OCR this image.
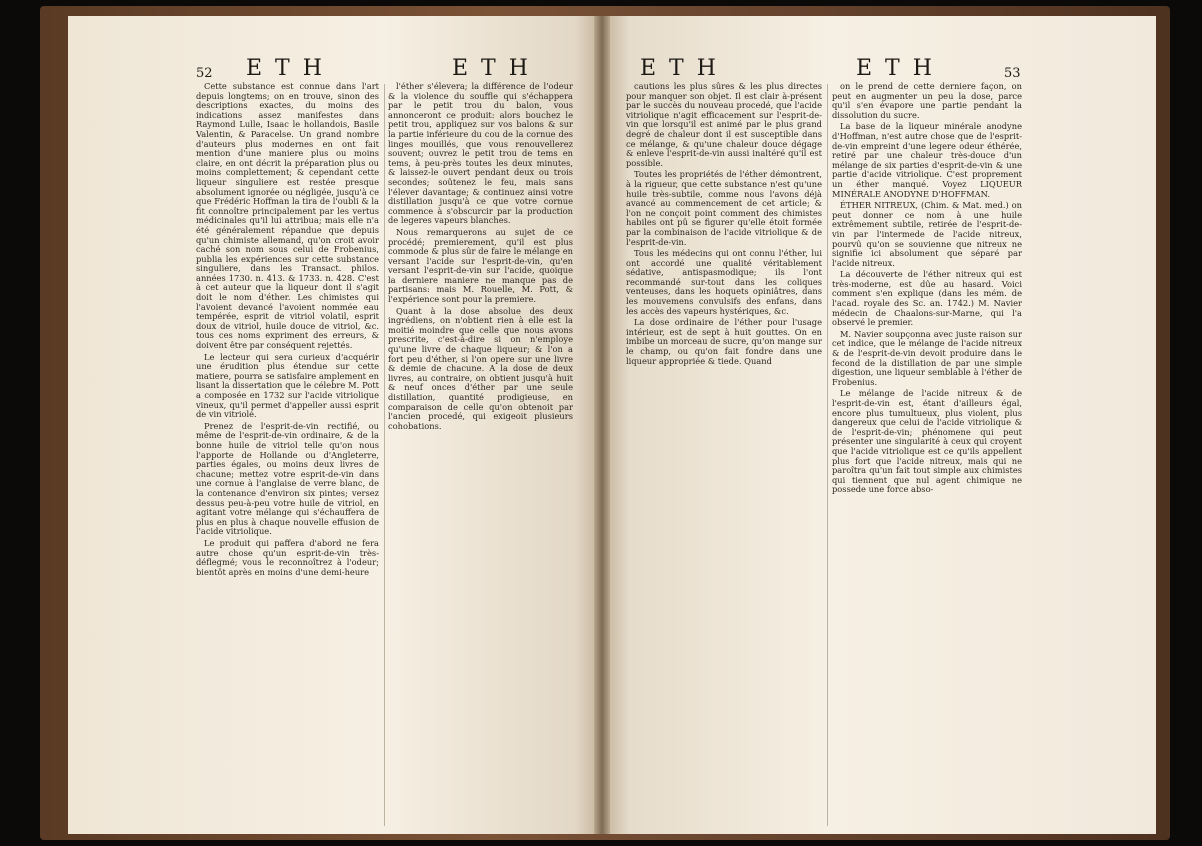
52 E T H	E T H

Cette substance est connue dans l'art depuis longtems; on en trouve, sinon des descriptions exactes, du moins des indications assez manifestes dans Raymond Lulle, Isaac le hollandois, Basile Valentin, & Paracelse. Un grand nombre d'auteurs plus modernes en ont fait mention d'une maniere plus ou moins claire, en ont décrit la préparation plus ou moins complettement; & cependant cette liqueur singuliere est restée presque absolument ignorée ou négligée, jusqu'à ce que Frédéric Hoffman la tira de l'oubli & la fit connoître principalement par les vertus médicinales qu'il lui attribua; mais elle n'a été généralement répandue que depuis qu'un chimiste allemand, qu'on croit avoir caché son nom sous celui de Frobenius, publia les expériences sur cette substance singuliere, dans les Transact. philos. années 1730. n. 413. & 1733. n. 428. C'est à cet auteur que la liqueur dont il s'agit doit le nom d'éther. Les chimistes qui l'avoient devancé l'avoient nommée eau tempérée, esprit de vitriol volatil, esprit doux de vitriol, huile douce de vitriol, &c. tous ces noms expriment des erreurs, & doivent être par conséquent rejettés.

Le lecteur qui sera curieux d'acquérir une érudition plus étendue sur cette matiere, pourra se satisfaire amplement en lisant la dissertation que le célebre M. Pott a composée en 1732 sur l'acide vitriolique vineux, qu'il permet d'appeller aussi esprit de vin vitriolé.

Prenez de l'esprit-de-vin rectifié, ou même de l'esprit-de-vin ordinaire, & de la bonne huile de vitriol telle qu'on nous l'apporte de Hollande ou d'Angleterre, parties égales, ou moins deux livres de chacune; mettez votre esprit-de-vin dans une cornue à l'anglaise de verre blanc, de la contenance d'environ six pintes; versez dessus peu-à-peu votre huile de vitriol, en agitant votre mélange qui s'échauffera de plus en plus à chaque nouvelle effusion de l'acide vitriolique.

Le produit qui paffera d'abord ne fera autre chose qu'un esprit-de-vin très-déflegmé; vous le reconnoîtrez à l'odeur; bientôt après en moins d'une demi-heure

l'éther s'élevera; la différence de l'odeur & la violence du souffle qui s'échappera par le petit trou du balon, vous annonceront ce produit: alors bouchez le petit trou, appliquez sur vos balons & sur la partie inférieure du cou de la cornue des linges mouillés, que vous renouvellerez souvent; ouvrez le petit trou de tems en tems, à peu-près toutes les deux minutes, & laissez-le ouvert pendant deux ou trois secondes; soûtenez le feu, mais sans l'élever davantage; & continuez ainsi votre distillation jusqu'à ce que votre cornue commence à s'obscurcir par la production de legeres vapeurs blanches.

Nous remarquerons au sujet de ce procédé; premierement, qu'il est plus commode & plus sûr de faire le mélange en versant l'acide sur l'esprit-de-vin, qu'en versant l'esprit-de-vin sur l'acide, quoique la derniere maniere ne manque pas de partisans: mais M. Rouelle, M. Pott, & l'expérience sont pour la premiere.

Quant à la dose absolue des deux ingrédiens, on n'obtient rien à elle est la moitié moindre que celle que nous avons prescrite, c'est-à-dire si on n'employe qu'une livre de chaque liqueur; & l'on a fort peu d'éther, si l'on opere sur une livre & demie de chacune. A la dose de deux livres, au contraire, on obtient jusqu'à huit & neuf onces d'éther par une seule distillation, quantité prodigieuse, en comparaison de celle qu'on obtenoit par l'ancien procedé, qui exigeoit plusieurs cohobations.

E T H	E T H	53

cautions les plus sûres & les plus directes pour manquer son objet. Il est clair à-présent par le succès du nouveau procedé, que l'acide vitriolique n'agit efficacement sur l'esprit-de-vin que lorsqu'il est animé par le plus grand degré de chaleur dont il est susceptible dans ce mélange, & qu'une chaleur douce dégage & enleve l'esprit-de-vin aussi inaltéré qu'il est possible.

Toutes les propriétés de l'éther démontrent, à la rigueur, que cette substance n'est qu'une huile très-subtile, comme nous l'avons déjà avancé au commencement de cet article; & l'on ne conçoit point comment des chimistes habiles ont pû se figurer qu'elle étoit formée par la combinaison de l'acide vitriolique & de l'esprit-de-vin.

Tous les médecins qui ont connu l'éther, lui ont accordé une qualité véritablement sédative, antispasmodique; ils l'ont recommandé sur-tout dans les coliques venteuses, dans les hoquets opiniâtres, dans les mouvemens convulsifs des enfans, dans les accès des vapeurs hystériques, &c.

La dose ordinaire de l'éther pour l'usage intérieur, est de sept à huit gouttes. On en imbibe un morceau de sucre, qu'on mange sur le champ, ou qu'on fait fondre dans une liqueur appropriée & tiede. Quand

on le prend de cette derniere façon, on peut en augmenter un peu la dose, parce qu'il s'en évapore une partie pendant la dissolution du sucre.

La base de la liqueur minérale anodyne d'Hoffman, n'est autre chose que de l'esprit-de-vin empreint d'une legere odeur éthérée, retiré par une chaleur très-douce d'un mélange de six parties d'esprit-de-vin & une partie d'acide vitriolique. C'est proprement un éther manqué. Voyez LIQUEUR MINÉRALE ANODYNE D'HOFFMAN.

ÉTHER NITREUX, (Chim. & Mat. med.) on peut donner ce nom à une huile extrêmement subtile, retirée de l'esprit-de-vin par l'intermede de l'acide nitreux, pourvû qu'on se souvienne que nitreux ne signifie ici absolument que séparé par l'acide nitreux.

La découverte de l'éther nitreux qui est très-moderne, est dûe au hasard. Voici comment s'en explique (dans les mém. de l'acad. royale des Sc. an. 1742.) M. Navier médecin de Chaalons-sur-Marne, qui l'a observé le premier.

M. Navier soupçonna avec juste raison sur cet indice, que le mélange de l'acide nitreux & de l'esprit-de-vin devoit produire dans le fecond de la distillation de par une simple digestion, une liqueur semblable à l'éther de Frobenius.

Le mélange de l'acide nitreux & de l'esprit-de-vin est, étant d'ailleurs égal, encore plus tumultueux, plus violent, plus dangereux que celui de l'acide vitriolique & de l'esprit-de-vin; phénomene qui peut présenter une singularité à ceux qui croyent que l'acide vitriolique est ce qu'ils appellent plus fort que l'acide nitreux, mais qui ne paroîtra qu'un fait tout simple aux chimistes qui tiennent que nul agent chimique ne possede une force abso-
